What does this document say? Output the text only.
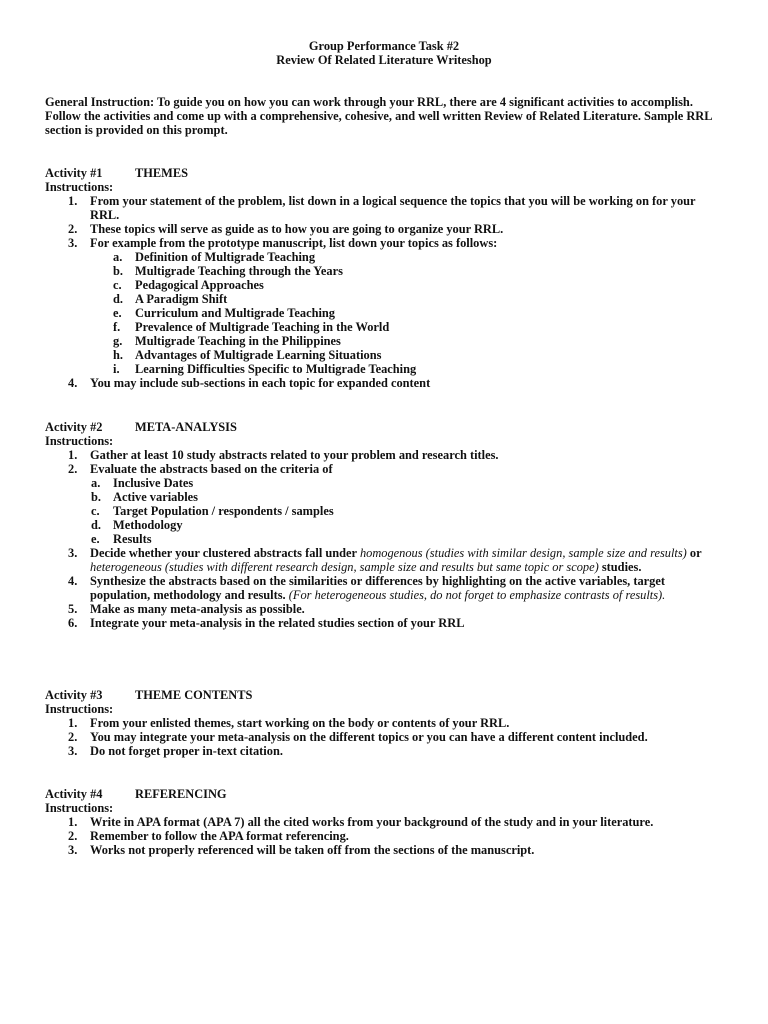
Group Performance Task #2
Review Of Related Literature Writeshop
General Instruction: To guide you on how you can work through your RRL, there are 4 significant activities to accomplish. Follow the activities and come up with a comprehensive, cohesive, and well written Review of Related Literature. Sample RRL section is provided on this prompt.
Activity #1	THEMES
Instructions:
1. From your statement of the problem, list down in a logical sequence the topics that you will be working on for your RRL.
2. These topics will serve as guide as to how you are going to organize your RRL.
3. For example from the prototype manuscript, list down your topics as follows:
a. Definition of Multigrade Teaching
b. Multigrade Teaching through the Years
c. Pedagogical Approaches
d. A Paradigm Shift
e. Curriculum and Multigrade Teaching
f. Prevalence of Multigrade Teaching in the World
g. Multigrade Teaching in the Philippines
h. Advantages of Multigrade Learning Situations
i. Learning Difficulties Specific to Multigrade Teaching
4. You may include sub-sections in each topic for expanded content
Activity #2	META-ANALYSIS
Instructions:
1. Gather at least 10 study abstracts related to your problem and research titles.
2. Evaluate the abstracts based on the criteria of
a. Inclusive Dates
b. Active variables
c. Target Population / respondents / samples
d. Methodology
e. Results
3. Decide whether your clustered abstracts fall under homogenous (studies with similar design, sample size and results) or heterogeneous (studies with different research design, sample size and results but same topic or scope) studies.
4. Synthesize the abstracts based on the similarities or differences by highlighting on the active variables, target population, methodology and results. (For heterogeneous studies, do not forget to emphasize contrasts of results).
5. Make as many meta-analysis as possible.
6. Integrate your meta-analysis in the related studies section of your RRL
Activity #3	THEME CONTENTS
Instructions:
1. From your enlisted themes, start working on the body or contents of your RRL.
2. You may integrate your meta-analysis on the different topics or you can have a different content included.
3. Do not forget proper in-text citation.
Activity #4	REFERENCING
Instructions:
1. Write in APA format (APA 7) all the cited works from your background of the study and in your literature.
2. Remember to follow the APA format referencing.
3. Works not properly referenced will be taken off from the sections of the manuscript.
